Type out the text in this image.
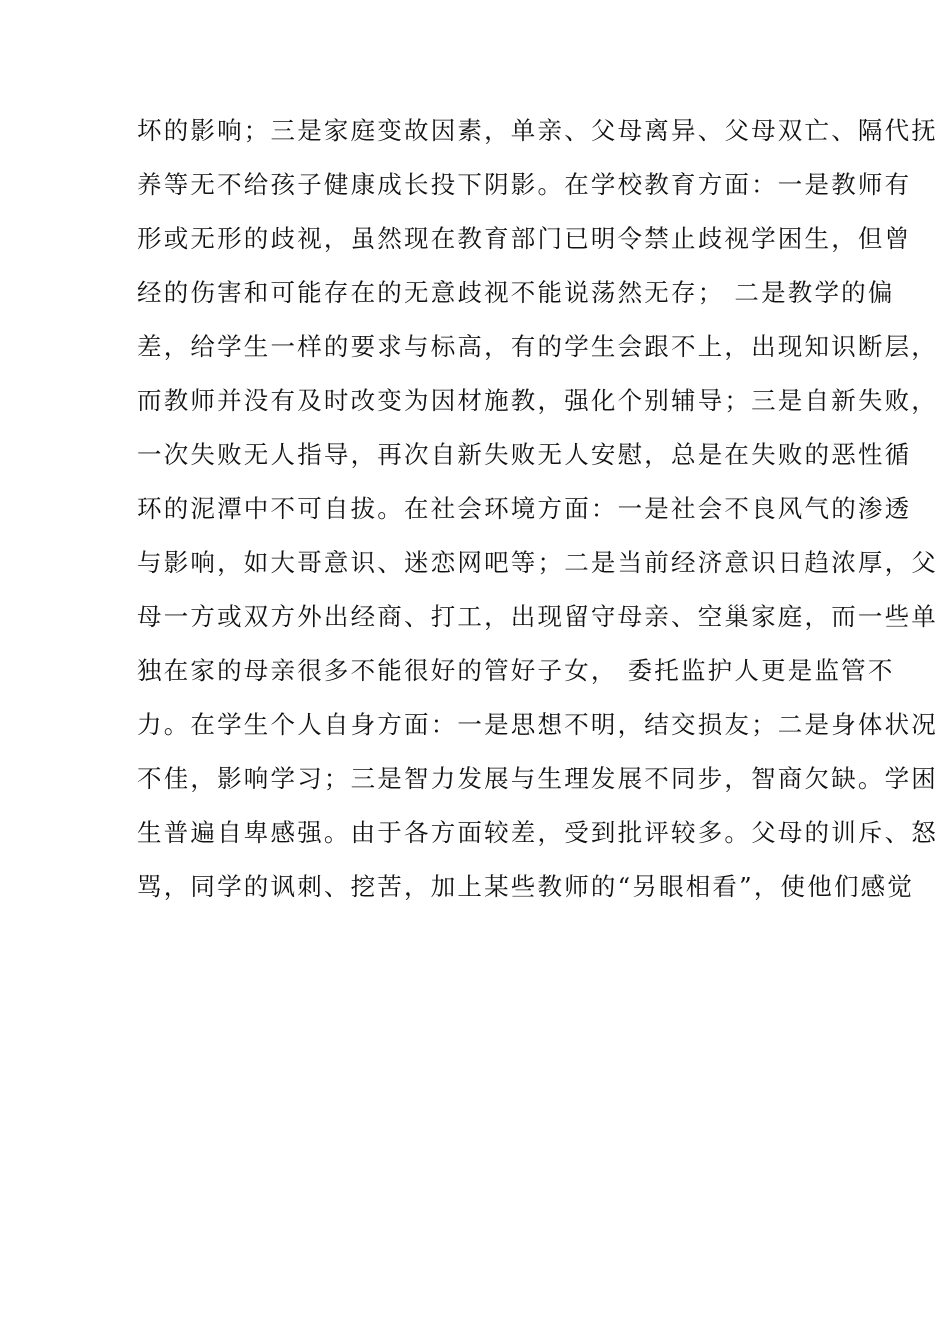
坏的影响；三是家庭变故因素，单亲、父母离异、父母双亡、隔代抚
养等无不给孩子健康成长投下阴影。在学校教育方面：一是教师有
形或无形的歧视，虽然现在教育部门已明令禁止歧视学困生，但曾
经的伤害和可能存在的无意歧视不能说荡然无存； 二是教学的偏
差，给学生一样的要求与标高，有的学生会跟不上，出现知识断层，
而教师并没有及时改变为因材施教，强化个别辅导；三是自新失败，
一次失败无人指导，再次自新失败无人安慰，总是在失败的恶性循
环的泥潭中不可自拔。在社会环境方面：一是社会不良风气的渗透
与影响，如大哥意识、迷恋网吧等；二是当前经济意识日趋浓厚，父
母一方或双方外出经商、打工，出现留守母亲、空巢家庭，而一些单
独在家的母亲很多不能很好的管好子女， 委托监护人更是监管不
力。在学生个人自身方面：一是思想不明，结交损友；二是身体状况
不佳，影响学习；三是智力发展与生理发展不同步，智商欠缺。学困
生普遍自卑感强。由于各方面较差，受到批评较多。父母的训斥、怒
骂，同学的讽刺、挖苦，加上某些教师的“另眼相看”，使他们感觉
